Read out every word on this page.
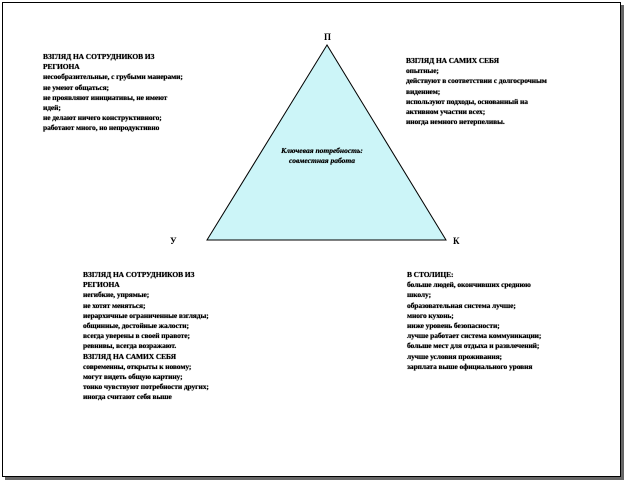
П
У	К
Ключевая потребность: совместная работа
ВЗГЛЯД НА СОТРУДНИКОВ ИЗ
РЕГИОНА
несообразительные, с грубыми манерами;
не умеют общаться;
не проявляют инициативы, не имеют
идей;
не делают ничего конструктивного;
работают много, но непродуктивно
ВЗГЛЯД НА САМИХ СЕБЯ
опытные;
действуют в соответствии с долгосрочным
видением;
используют подходы, основанный на
активном участии всех;
иногда немного нетерпеливы.
ВЗГЛЯД НА СОТРУДНИКОВ ИЗ
РЕГИОНА
негибкие, упрямые;
не хотят меняться;
иерархичные ограниченные взгляды;
общинные, достойные жалости;
всегда уверены в своей правоте;
ревнивы, всегда возражают.
ВЗГЛЯД НА САМИХ СЕБЯ
современны, открыты к новому;
могут видеть общую картину;
тонко чувствуют потребности других;
иногда считают себя выше
В СТОЛИЦЕ:
больше людей, окончивших среднюю
школу;
образовательная система лучше;
много кухонь;
ниже уровень безопасности;
лучше работает система коммуникации;
больше мест для отдыха и развлечений;
лучше условия проживания;
зарплата выше официального уровня
